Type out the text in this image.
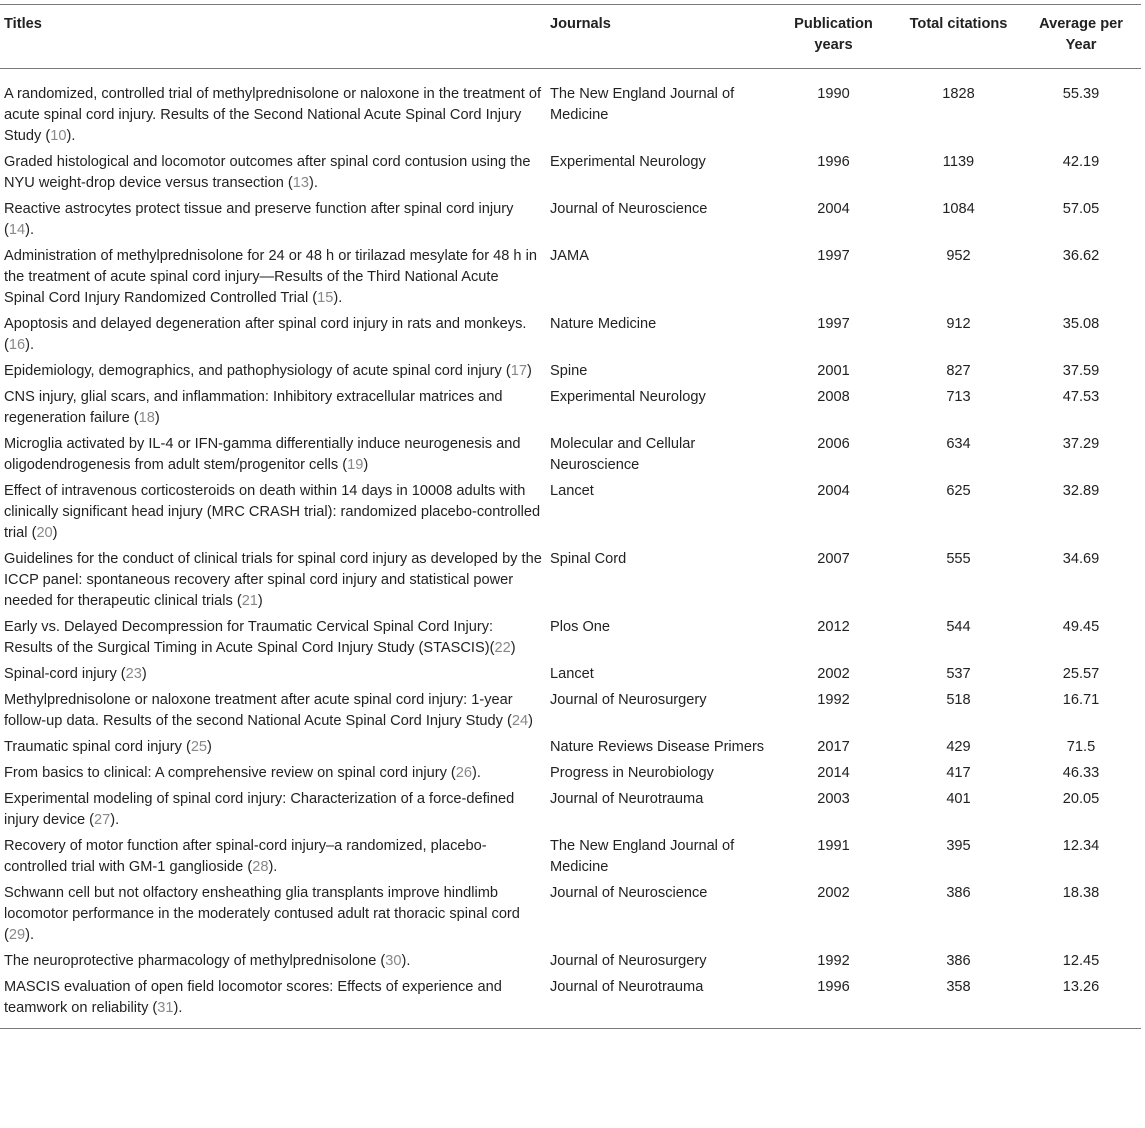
Titles	Journals	Publication years	Total citations	Average per Year
A randomized, controlled trial of methylprednisolone or naloxone in the treatment of acute spinal cord injury. Results of the Second National Acute Spinal Cord Injury Study (10).	The New England Journal of Medicine	1990	1828	55.39
Graded histological and locomotor outcomes after spinal cord contusion using the NYU weight-drop device versus transection (13).	Experimental Neurology	1996	1139	42.19
Reactive astrocytes protect tissue and preserve function after spinal cord injury (14).	Journal of Neuroscience	2004	1084	57.05
Administration of methylprednisolone for 24 or 48 h or tirilazad mesylate for 48 h in the treatment of acute spinal cord injury—Results of the Third National Acute Spinal Cord Injury Randomized Controlled Trial (15).	JAMA	1997	952	36.62
Apoptosis and delayed degeneration after spinal cord injury in rats and monkeys. (16).	Nature Medicine	1997	912	35.08
Epidemiology, demographics, and pathophysiology of acute spinal cord injury (17)	Spine	2001	827	37.59
CNS injury, glial scars, and inflammation: Inhibitory extracellular matrices and regeneration failure (18)	Experimental Neurology	2008	713	47.53
Microglia activated by IL-4 or IFN-gamma differentially induce neurogenesis and oligodendrogenesis from adult stem/progenitor cells (19)	Molecular and Cellular Neuroscience	2006	634	37.29
Effect of intravenous corticosteroids on death within 14 days in 10008 adults with clinically significant head injury (MRC CRASH trial): randomized placebo-controlled trial (20)	Lancet	2004	625	32.89
Guidelines for the conduct of clinical trials for spinal cord injury as developed by the ICCP panel: spontaneous recovery after spinal cord injury and statistical power needed for therapeutic clinical trials (21)	Spinal Cord	2007	555	34.69
Early vs. Delayed Decompression for Traumatic Cervical Spinal Cord Injury: Results of the Surgical Timing in Acute Spinal Cord Injury Study (STASCIS)(22)	Plos One	2012	544	49.45
Spinal-cord injury (23)	Lancet	2002	537	25.57
Methylprednisolone or naloxone treatment after acute spinal cord injury: 1-year follow-up data. Results of the second National Acute Spinal Cord Injury Study (24)	Journal of Neurosurgery	1992	518	16.71
Traumatic spinal cord injury (25)	Nature Reviews Disease Primers	2017	429	71.5
From basics to clinical: A comprehensive review on spinal cord injury (26).	Progress in Neurobiology	2014	417	46.33
Experimental modeling of spinal cord injury: Characterization of a force-defined injury device (27).	Journal of Neurotrauma	2003	401	20.05
Recovery of motor function after spinal-cord injury–a randomized, placebo-controlled trial with GM-1 ganglioside (28).	The New England Journal of Medicine	1991	395	12.34
Schwann cell but not olfactory ensheathing glia transplants improve hindlimb locomotor performance in the moderately contused adult rat thoracic spinal cord (29).	Journal of Neuroscience	2002	386	18.38
The neuroprotective pharmacology of methylprednisolone (30).	Journal of Neurosurgery	1992	386	12.45
MASCIS evaluation of open field locomotor scores: Effects of experience and teamwork on reliability (31).	Journal of Neurotrauma	1996	358	13.26
